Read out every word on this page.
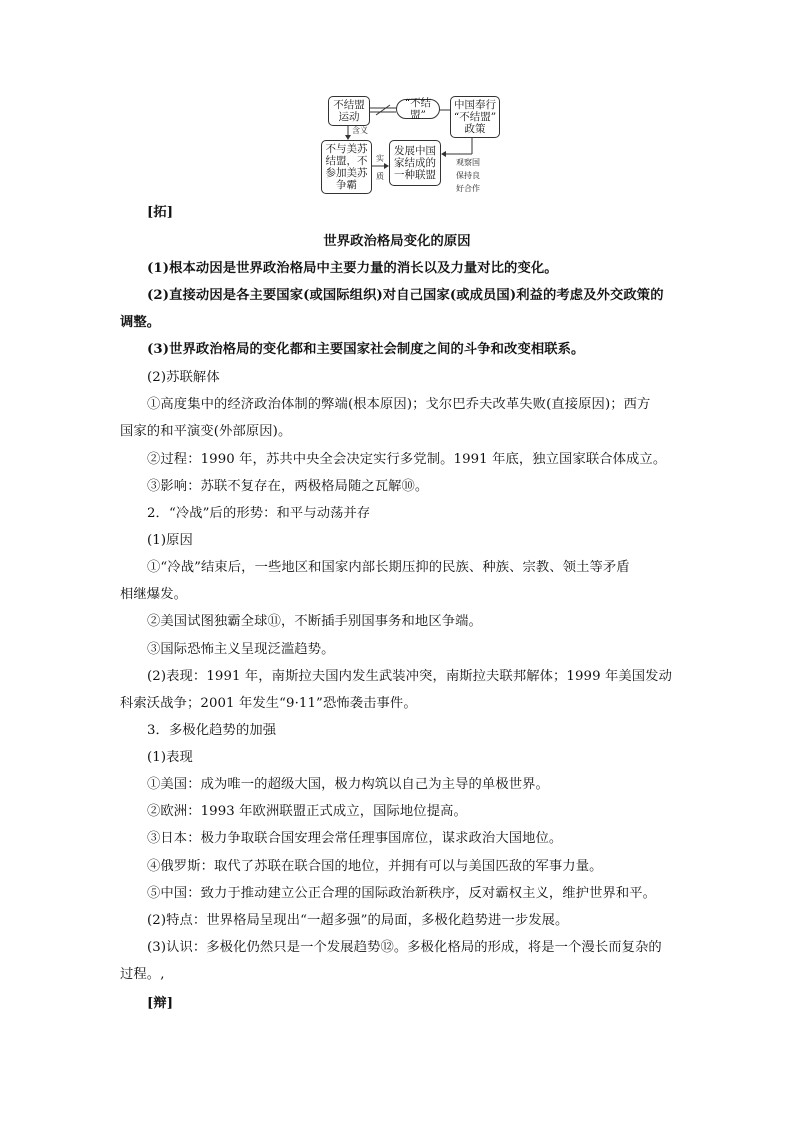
不结盟
运动
“不结盟”
中国奉行
“不结盟”
政策
含义
不与美苏
结盟，不
参加美苏
争霸
实

质
发展中国
家结成的
一种联盟
观察国
保持良
好合作
[拓]
世界政治格局变化的原因
(1)根本动因是世界政治格局中主要力量的消长以及力量对比的变化。
(2)直接动因是各主要国家(或国际组织)对自己国家(或成员国)利益的考虑及外交政策的
调整。
(3)世界政治格局的变化都和主要国家社会制度之间的斗争和改变相联系。
(2)苏联解体
①高度集中的经济政治体制的弊端(根本原因)；戈尔巴乔夫改革失败(直接原因)；西方
国家的和平演变(外部原因)。
②过程：1990 年，苏共中央全会决定实行多党制。1991 年底，独立国家联合体成立。
③影响：苏联不复存在，两极格局随之瓦解⑩。
2．“冷战”后的形势：和平与动荡并存
(1)原因
①“冷战”结束后，一些地区和国家内部长期压抑的民族、种族、宗教、领土等矛盾
相继爆发。
②美国试图独霸全球⑪，不断插手别国事务和地区争端。
③国际恐怖主义呈现泛滥趋势。
(2)表现：1991 年，南斯拉夫国内发生武装冲突，南斯拉夫联邦解体；1999 年美国发动
科索沃战争；2001 年发生“9·11”恐怖袭击事件。
3．多极化趋势的加强
(1)表现
①美国：成为唯一的超级大国，极力构筑以自己为主导的单极世界。
②欧洲：1993 年欧洲联盟正式成立，国际地位提高。
③日本：极力争取联合国安理会常任理事国席位，谋求政治大国地位。
④俄罗斯：取代了苏联在联合国的地位，并拥有可以与美国匹敌的军事力量。
⑤中国：致力于推动建立公正合理的国际政治新秩序，反对霸权主义，维护世界和平。
(2)特点：世界格局呈现出“一超多强”的局面，多极化趋势进一步发展。
(3)认识：多极化仍然只是一个发展趋势⑫。多极化格局的形成，将是一个漫长而复杂的
过程。,
[辩]
